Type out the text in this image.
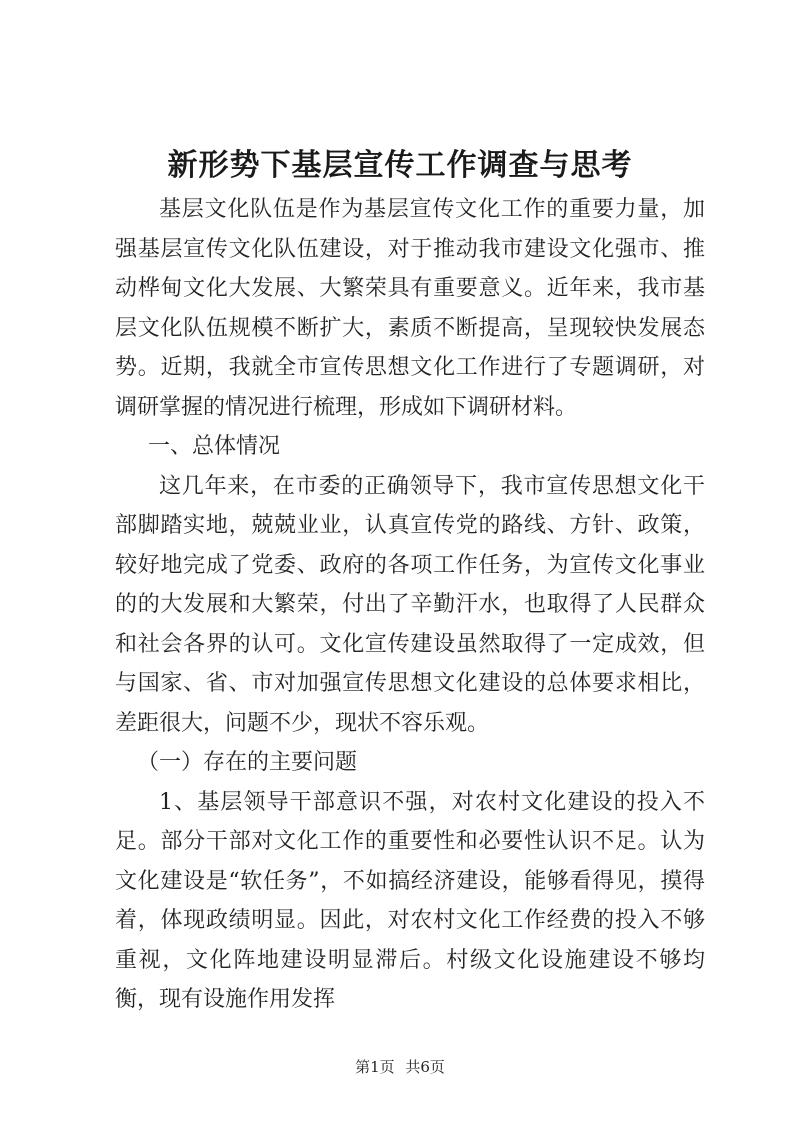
新形势下基层宣传工作调查与思考

基层文化队伍是作为基层宣传文化工作的重要力量，加强基层宣传文化队伍建设，对于推动我市建设文化强市、推动桦甸文化大发展、大繁荣具有重要意义。近年来，我市基层文化队伍规模不断扩大，素质不断提高，呈现较快发展态势。近期，我就全市宣传思想文化工作进行了专题调研，对调研掌握的情况进行梳理，形成如下调研材料。

一、总体情况

这几年来，在市委的正确领导下，我市宣传思想文化干部脚踏实地，兢兢业业，认真宣传党的路线、方针、政策，较好地完成了党委、政府的各项工作任务，为宣传文化事业的的大发展和大繁荣，付出了辛勤汗水，也取得了人民群众和社会各界的认可。文化宣传建设虽然取得了一定成效，但与国家、省、市对加强宣传思想文化建设的总体要求相比，差距很大，问题不少，现状不容乐观。

（一）存在的主要问题

1、基层领导干部意识不强，对农村文化建设的投入不足。部分干部对文化工作的重要性和必要性认识不足。认为文化建设是“软任务”，不如搞经济建设，能够看得见，摸得着，体现政绩明显。因此，对农村文化工作经费的投入不够重视，文化阵地建设明显滞后。村级文化设施建设不够均衡，现有设施作用发挥

第1页 共6页
